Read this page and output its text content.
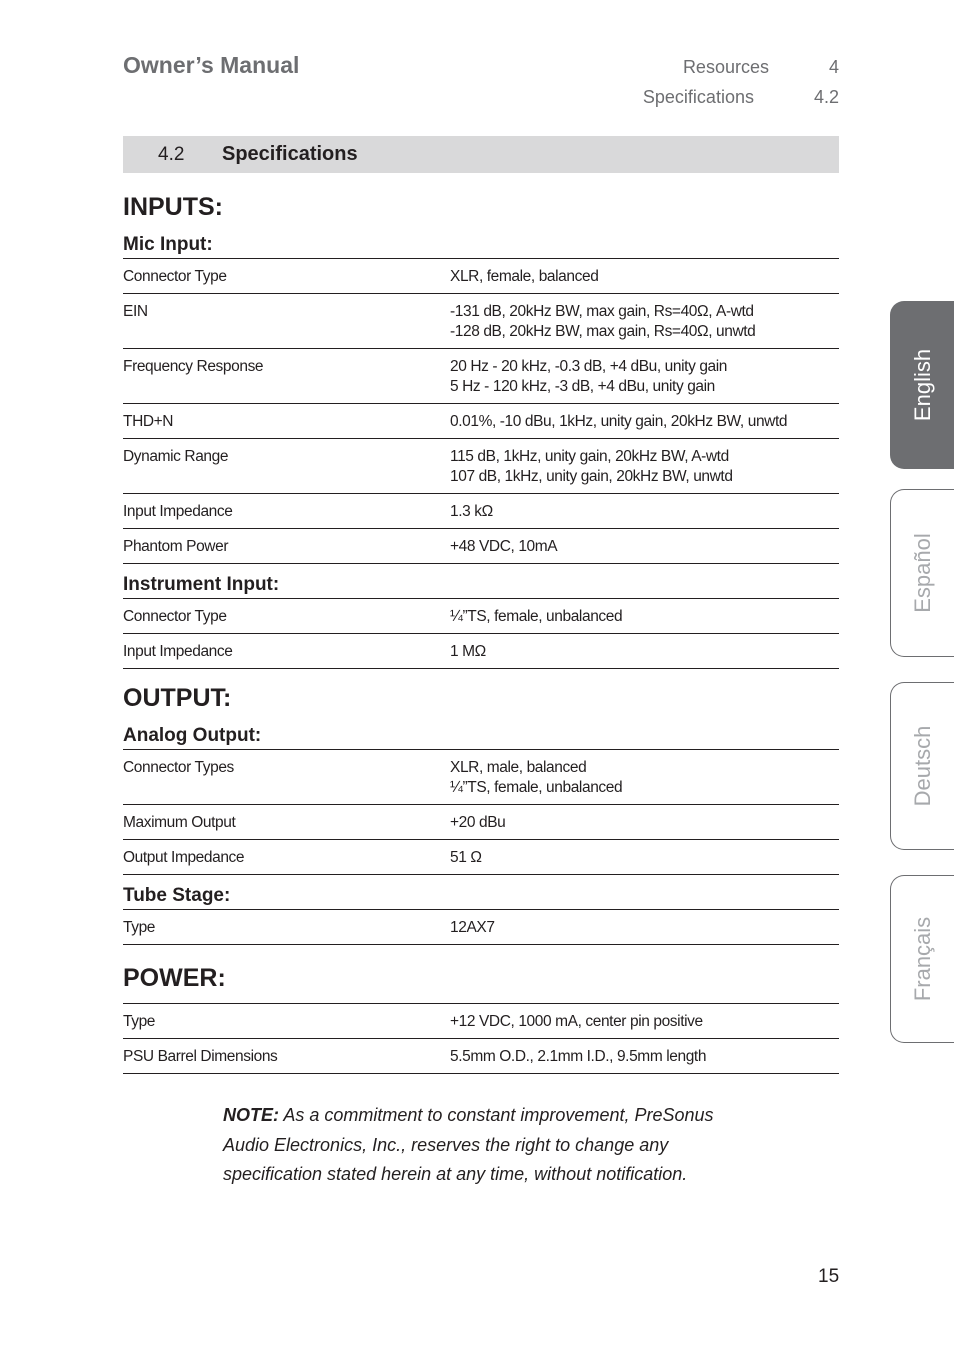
Owner’s Manual	Resources	4
Specifications	4.2
4.2	Specifications
INPUTS:
Mic Input:
Connector Type	XLR, female, balanced
EIN	-131 dB, 20kHz BW, max gain, Rs=40Ω, A-wtd
-128 dB, 20kHz BW, max gain, Rs=40Ω, unwtd
Frequency Response	20 Hz - 20 kHz, -0.3 dB, +4 dBu, unity gain
5 Hz - 120 kHz, -3 dB, +4 dBu, unity gain
THD+N	0.01%, -10 dBu, 1kHz, unity gain, 20kHz BW, unwtd
Dynamic Range	115 dB, 1kHz, unity gain, 20kHz BW, A-wtd
107 dB, 1kHz, unity gain, 20kHz BW, unwtd
Input Impedance	1.3 kΩ
Phantom Power	+48 VDC, 10mA
Instrument Input:
Connector Type	¼”TS, female, unbalanced
Input Impedance	1 MΩ
OUTPUT:
Analog Output:
Connector Types	XLR, male, balanced
¼”TS, female, unbalanced
Maximum Output	+20 dBu
Output Impedance	51 Ω
Tube Stage:
Type	12AX7
POWER:
Type	+12 VDC, 1000 mA, center pin positive
PSU Barrel Dimensions	5.5mm O.D., 2.1mm I.D., 9.5mm length
NOTE: As a commitment to constant improvement, PreSonus Audio Electronics, Inc., reserves the right to change any specification stated herein at any time, without notification.
15
English
Español
Deutsch
Français
